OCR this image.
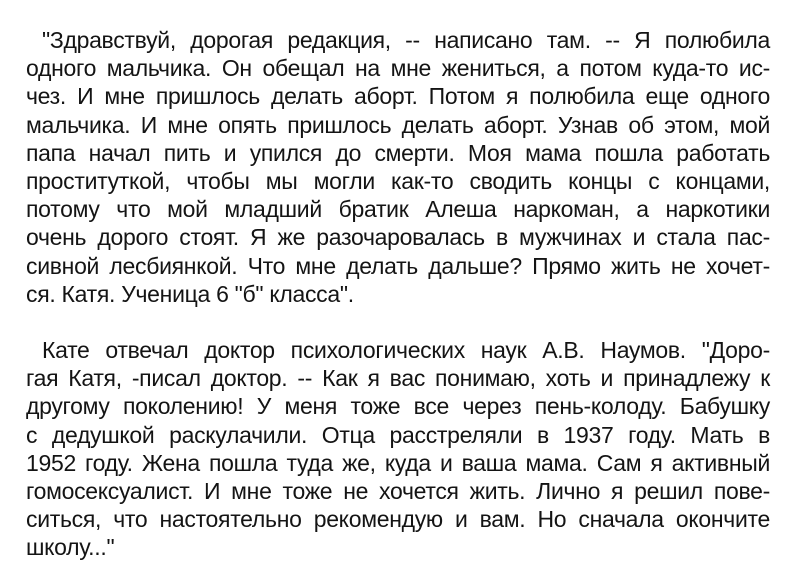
"Здравствуй, дорогая редакция, -- написано там. -- Я полюбила
одного мальчика. Он обещал на мне жениться, а потом куда-то ис-
чез. И мне пришлось делать аборт. Потом я полюбила еще одного
мальчика. И мне опять пришлось делать аборт. Узнав об этом, мой
папа начал пить и упился до смерти. Моя мама пошла работать
проституткой, чтобы мы могли как-то сводить концы с концами,
потому что мой младший братик Алеша наркоман, а наркотики
очень дорого стоят. Я же разочаровалась в мужчинах и стала пас-
сивной лесбиянкой. Что мне делать дальше? Прямо жить не хочет-
ся. Катя. Ученица 6 "б" класса".
Кате отвечал доктор психологических наук А.В. Наумов. "Доро-
гая Катя, -писал доктор. -- Как я вас понимаю, хоть и принадлежу к
другому поколению! У меня тоже все через пень-колоду. Бабушку
с дедушкой раскулачили. Отца расстреляли в 1937 году. Мать в
1952 году. Жена пошла туда же, куда и ваша мама. Сам я активный
гомосексуалист. И мне тоже не хочется жить. Лично я решил пове-
ситься, что настоятельно рекомендую и вам. Но сначала окончите
школу..."
